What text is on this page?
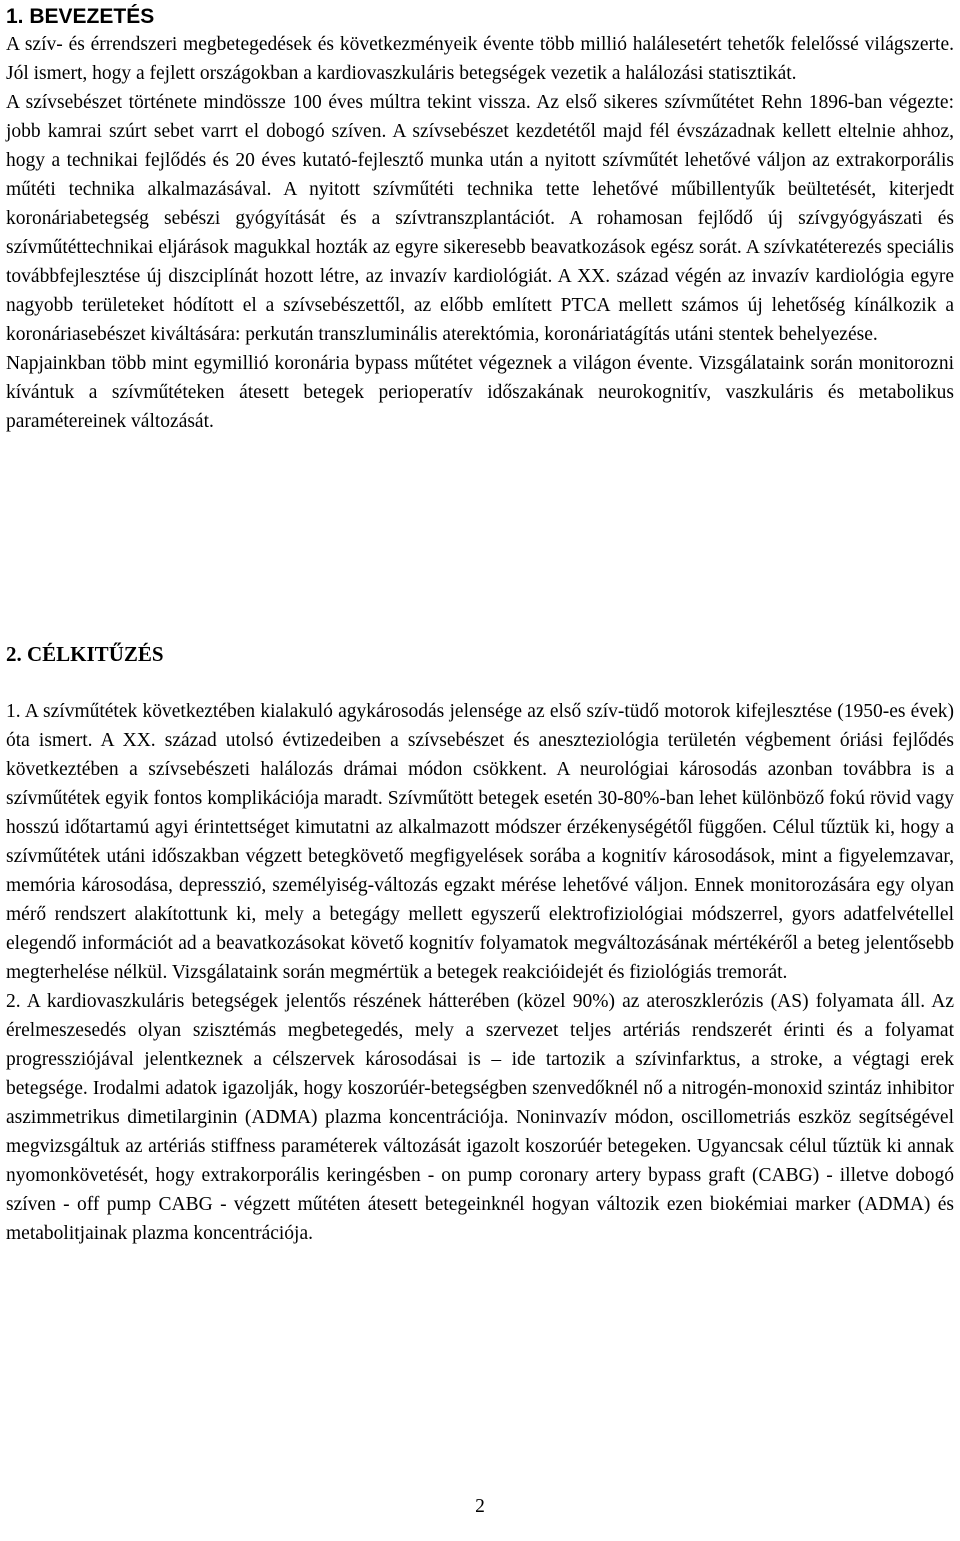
1. BEVEZETÉS

A szív- és érrendszeri megbetegedések és következményeik évente több millió halálesetért tehetők felelőssé világszerte. Jól ismert, hogy a fejlett országokban a kardiovaszkuláris betegségek vezetik a halálozási statisztikát.

A szívsebészet története mindössze 100 éves múltra tekint vissza. Az első sikeres szívműtétet Rehn 1896-ban végezte: jobb kamrai szúrt sebet varrt el dobogó szíven. A szívsebészet kezdetétől majd fél évszázadnak kellett eltelnie ahhoz, hogy a technikai fejlődés és 20 éves kutató-fejlesztő munka után a nyitott szívműtét lehetővé váljon az extrakorporális műtéti technika alkalmazásával. A nyitott szívműtéti technika tette lehetővé műbillentyűk beültetését, kiterjedt koronáriabetegség sebészi gyógyítását és a szívtranszplantációt. A rohamosan fejlődő új szívgyógyászati és szívműtéttechnikai eljárások magukkal hozták az egyre sikeresebb beavatkozások egész sorát. A szívkatéterezés speciális továbbfejlesztése új diszciplínát hozott létre, az invazív kardiológiát. A XX. század végén az invazív kardiológia egyre nagyobb területeket hódított el a szívsebészettől, az előbb említett PTCA mellett számos új lehetőség kínálkozik a koronáriasebészet kiváltására: perkután transzluminális aterektómia, koronáriatágítás utáni stentek behelyezése.

Napjainkban több mint egymillió koronária bypass műtétet végeznek a világon évente. Vizsgálataink során monitorozni kívántuk a szívműtéteken átesett betegek perioperatív időszakának neurokognitív, vaszkuláris és metabolikus paramétereinek változását.

2. CÉLKITŰZÉS

1. A szívműtétek következtében kialakuló agykárosodás jelensége az első szív-tüdő motorok kifejlesztése (1950-es évek) óta ismert. A XX. század utolsó évtizedeiben a szívsebészet és aneszteziológia területén végbement óriási fejlődés következtében a szívsebészeti halálozás drámai módon csökkent. A neurológiai károsodás azonban továbbra is a szívműtétek egyik fontos komplikációja maradt. Szívműtött betegek esetén 30-80%-ban lehet különböző fokú rövid vagy hosszú időtartamú agyi érintettséget kimutatni az alkalmazott módszer érzékenységétől függően. Célul tűztük ki, hogy a szívműtétek utáni időszakban végzett betegkövető megfigyelések sorába a kognitív károsodások, mint a figyelemzavar, memória károsodása, depresszió, személyiség-változás egzakt mérése lehetővé váljon. Ennek monitorozására egy olyan mérő rendszert alakítottunk ki, mely a betegágy mellett egyszerű elektrofiziológiai módszerrel, gyors adatfelvétellel elegendő információt ad a beavatkozásokat követő kognitív folyamatok megváltozásának mértékéről a beteg jelentősebb megterhelése nélkül. Vizsgálataink során megmértük a betegek reakcióidejét és fiziológiás tremorát.

2. A kardiovaszkuláris betegségek jelentős részének hátterében (közel 90%) az ateroszklerózis (AS) folyamata áll. Az érelmeszesedés olyan szisztémás megbetegedés, mely a szervezet teljes artériás rendszerét érinti és a folyamat progressziójával jelentkeznek a célszervek károsodásai is – ide tartozik a szívinfarktus, a stroke, a végtagi erek betegsége. Irodalmi adatok igazolják, hogy koszorúér-betegségben szenvedőknél nő a nitrogén-monoxid szintáz inhibitor aszimmetrikus dimetilarginin (ADMA) plazma koncentrációja. Noninvazív módon, oscillometriás eszköz segítségével megvizsgáltuk az artériás stiffness paraméterek változását igazolt koszorúér betegeken. Ugyancsak célul tűztük ki annak nyomonkövetését, hogy extrakorporális keringésben - on pump coronary artery bypass graft (CABG) - illetve dobogó szíven - off pump CABG - végzett műtéten átesett betegeinknél hogyan változik ezen biokémiai marker (ADMA) és metabolitjainak plazma koncentrációja.

2
